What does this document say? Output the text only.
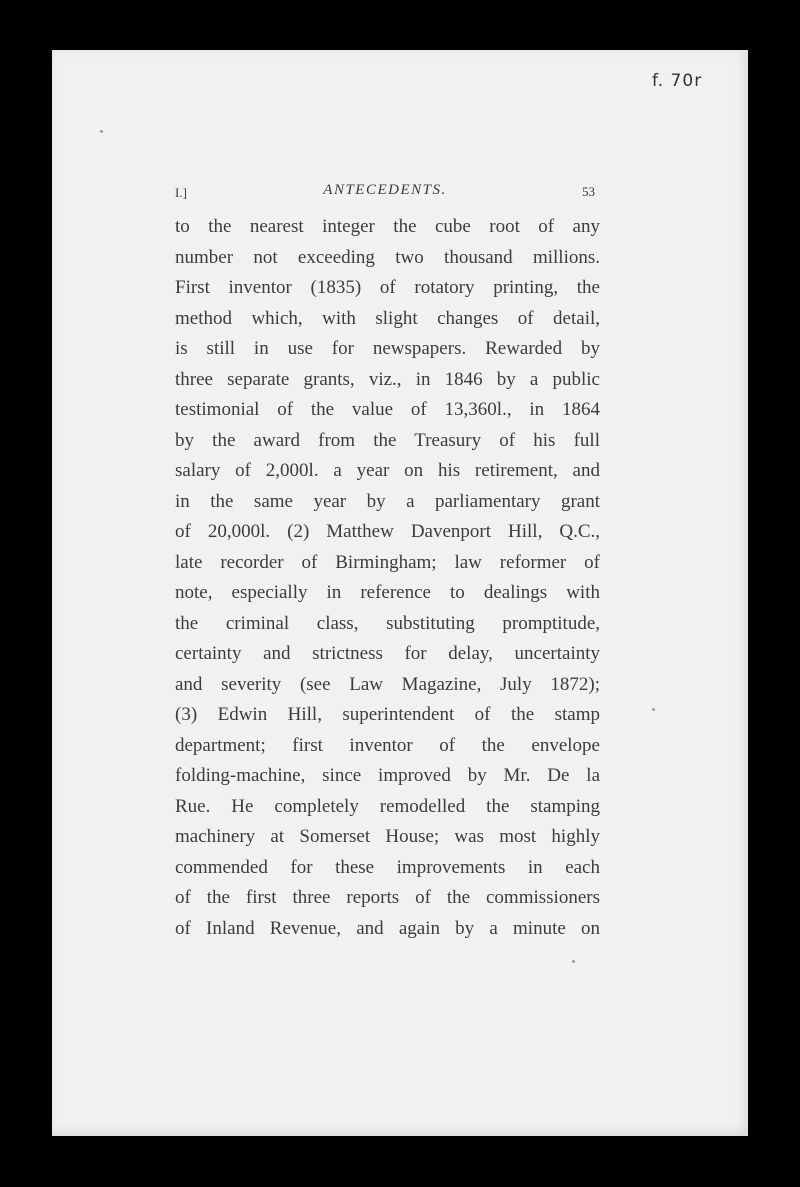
f. 70r
I.]	ANTECEDENTS.	53
to the nearest integer the cube root of any
number not exceeding two thousand millions.
First inventor (1835) of rotatory printing, the
method which, with slight changes of detail,
is still in use for newspapers. Rewarded by
three separate grants, viz., in 1846 by a public
testimonial of the value of 13,360l., in 1864
by the award from the Treasury of his full
salary of 2,000l. a year on his retirement, and
in the same year by a parliamentary grant
of 20,000l. (2) Matthew Davenport Hill, Q.C.,
late recorder of Birmingham; law reformer of
note, especially in reference to dealings with
the criminal class, substituting promptitude,
certainty and strictness for delay, uncertainty
and severity (see Law Magazine, July 1872);
(3) Edwin Hill, superintendent of the stamp
department; first inventor of the envelope
folding-machine, since improved by Mr. De la
Rue. He completely remodelled the stamping
machinery at Somerset House; was most highly
commended for these improvements in each
of the first three reports of the commissioners
of Inland Revenue, and again by a minute on
